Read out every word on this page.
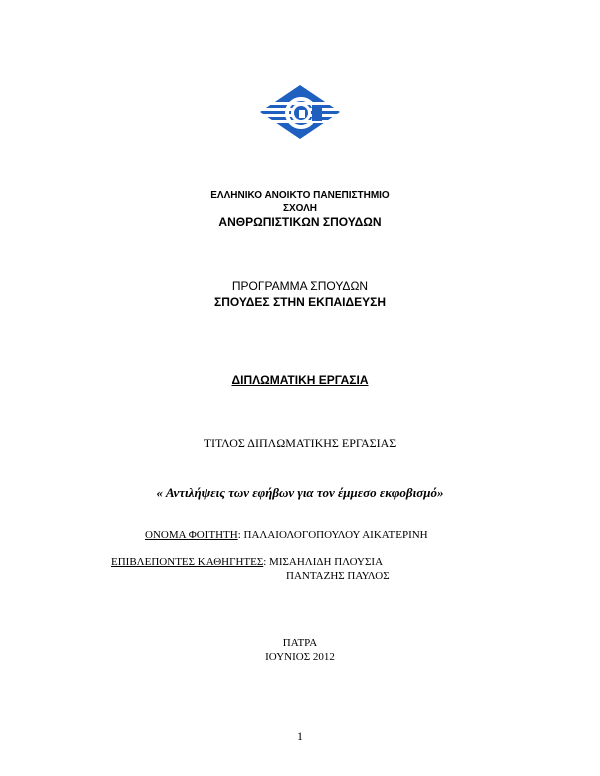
ΕΛΛΗΝΙΚΟ ΑΝΟΙΚΤΟ ΠΑΝΕΠΙΣΤΗΜΙΟ
ΣΧΟΛΗ
ΑΝΘΡΩΠΙΣΤΙΚΩΝ ΣΠΟΥΔΩΝ
ΠΡΟΓΡΑΜΜΑ ΣΠΟΥΔΩΝ
ΣΠΟΥΔΕΣ ΣΤΗΝ ΕΚΠΑΙΔΕΥΣΗ
ΔΙΠΛΩΜΑΤΙΚΗ ΕΡΓΑΣΙΑ
ΤΙΤΛΟΣ ΔΙΠΛΩΜΑΤΙΚΗΣ ΕΡΓΑΣΙΑΣ
« Αντιλήψεις των εφήβων για τον έμμεσο εκφοβισμό»
ΟΝΟΜΑ ΦΟΙΤΗΤΗ: ΠΑΛΑΙΟΛΟΓΟΠΟΥΛΟΥ ΑΙΚΑΤΕΡΙΝΗ
ΕΠΙΒΛΕΠΟΝΤΕΣ ΚΑΘΗΓΗΤΕΣ: ΜΙΣΑΗΛΙΔΗ ΠΛΟΥΣΙΑ
ΠΑΝΤΑΖΗΣ ΠΑΥΛΟΣ
ΠΑΤΡΑ
ΙΟΥΝΙΟΣ 2012
1
